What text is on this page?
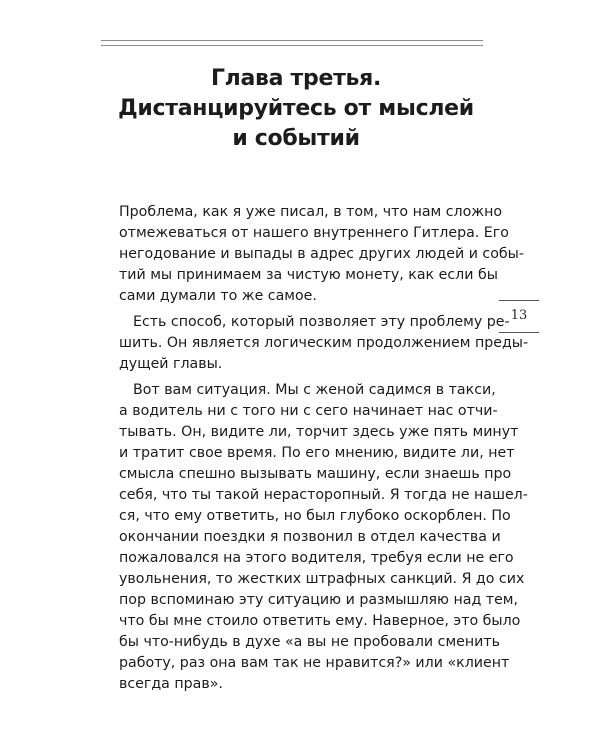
Глава третья.
Дистанцируйтесь от мыслей
и событий

Проблема, как я уже писал, в том, что нам сложно
отмежеваться от нашего внутреннего Гитлера. Его
негодование и выпады в адрес других людей и собы-
тий мы принимаем за чистую монету, как если бы
сами думали то же самое.

Есть способ, который позволяет эту проблему ре-
шить. Он является логическим продолжением преды-
дущей главы.

Вот вам ситуация. Мы с женой садимся в такси,
а водитель ни с того ни с сего начинает нас отчи-
тывать. Он, видите ли, торчит здесь уже пять минут
и тратит свое время. По его мнению, видите ли, нет
смысла спешно вызывать машину, если знаешь про
себя, что ты такой нерасторопный. Я тогда не нашел-
ся, что ему ответить, но был глубоко оскорблен. По
окончании поездки я позвонил в отдел качества и
пожаловался на этого водителя, требуя если не его
увольнения, то жестких штрафных санкций. Я до сих
пор вспоминаю эту ситуацию и размышляю над тем,
что бы мне стоило ответить ему. Наверное, это было
бы что-нибудь в духе «а вы не пробовали сменить
работу, раз она вам так не нравится?» или «клиент
всегда прав».

13
